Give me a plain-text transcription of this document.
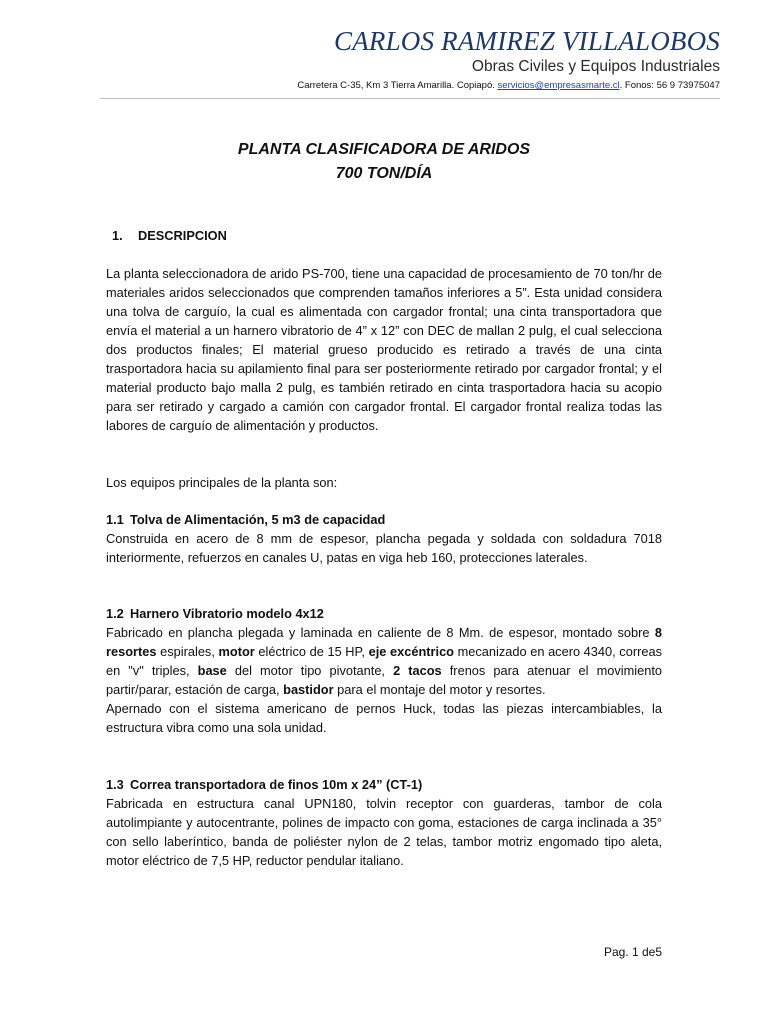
CARLOS RAMIREZ VILLALOBOS
Obras Civiles y Equipos Industriales
Carretera C-35, Km 3 Tierra Amarilla. Copiapó. servicios@empresasmarte.cl. Fonos: 56 9 73975047
PLANTA CLASIFICADORA DE ARIDOS
700 TON/DÍA
1. DESCRIPCION
La planta seleccionadora de arido PS-700, tiene una capacidad de procesamiento de 70 ton/hr de materiales aridos seleccionados que comprenden tamaños inferiores a 5”. Esta unidad considera una tolva de carguío, la cual es alimentada con cargador frontal; una cinta transportadora que envía el material a un harnero vibratorio de 4” x 12” con DEC de mallan 2 pulg, el cual selecciona dos productos finales; El material grueso producido es retirado a través de una cinta trasportadora hacia su apilamiento final para ser posteriormente retirado por cargador frontal; y el material producto bajo malla 2 pulg, es también retirado en cinta trasportadora hacia su acopio para ser retirado y cargado a camión con cargador frontal. El cargador frontal realiza todas las labores de carguío de alimentación y productos.
Los equipos principales de la planta son:
1.1 Tolva de Alimentación, 5 m3 de capacidad
Construida en acero de 8 mm de espesor, plancha pegada y soldada con soldadura 7018 interiormente, refuerzos en canales U, patas en viga heb 160, protecciones laterales.
1.2 Harnero Vibratorio modelo 4x12
Fabricado en plancha plegada y laminada en caliente de 8 Mm. de espesor, montado sobre 8 resortes espirales, motor eléctrico de 15 HP, eje excéntrico mecanizado en acero 4340, correas en "v" triples, base del motor tipo pivotante, 2 tacos frenos para atenuar el movimiento partir/parar, estación de carga, bastidor para el montaje del motor y resortes.
Apernado con el sistema americano de pernos Huck, todas las piezas intercambiables, la estructura vibra como una sola unidad.
1.3 Correa transportadora de finos 10m x 24” (CT-1)
Fabricada en estructura canal UPN180, tolvin receptor con guarderas, tambor de cola autolimpiante y autocentrante, polines de impacto con goma, estaciones de carga inclinada a 35° con sello laberíntico, banda de poliéster nylon de 2 telas, tambor motriz engomado tipo aleta, motor eléctrico de 7,5 HP, reductor pendular italiano.
Pag. 1 de5
